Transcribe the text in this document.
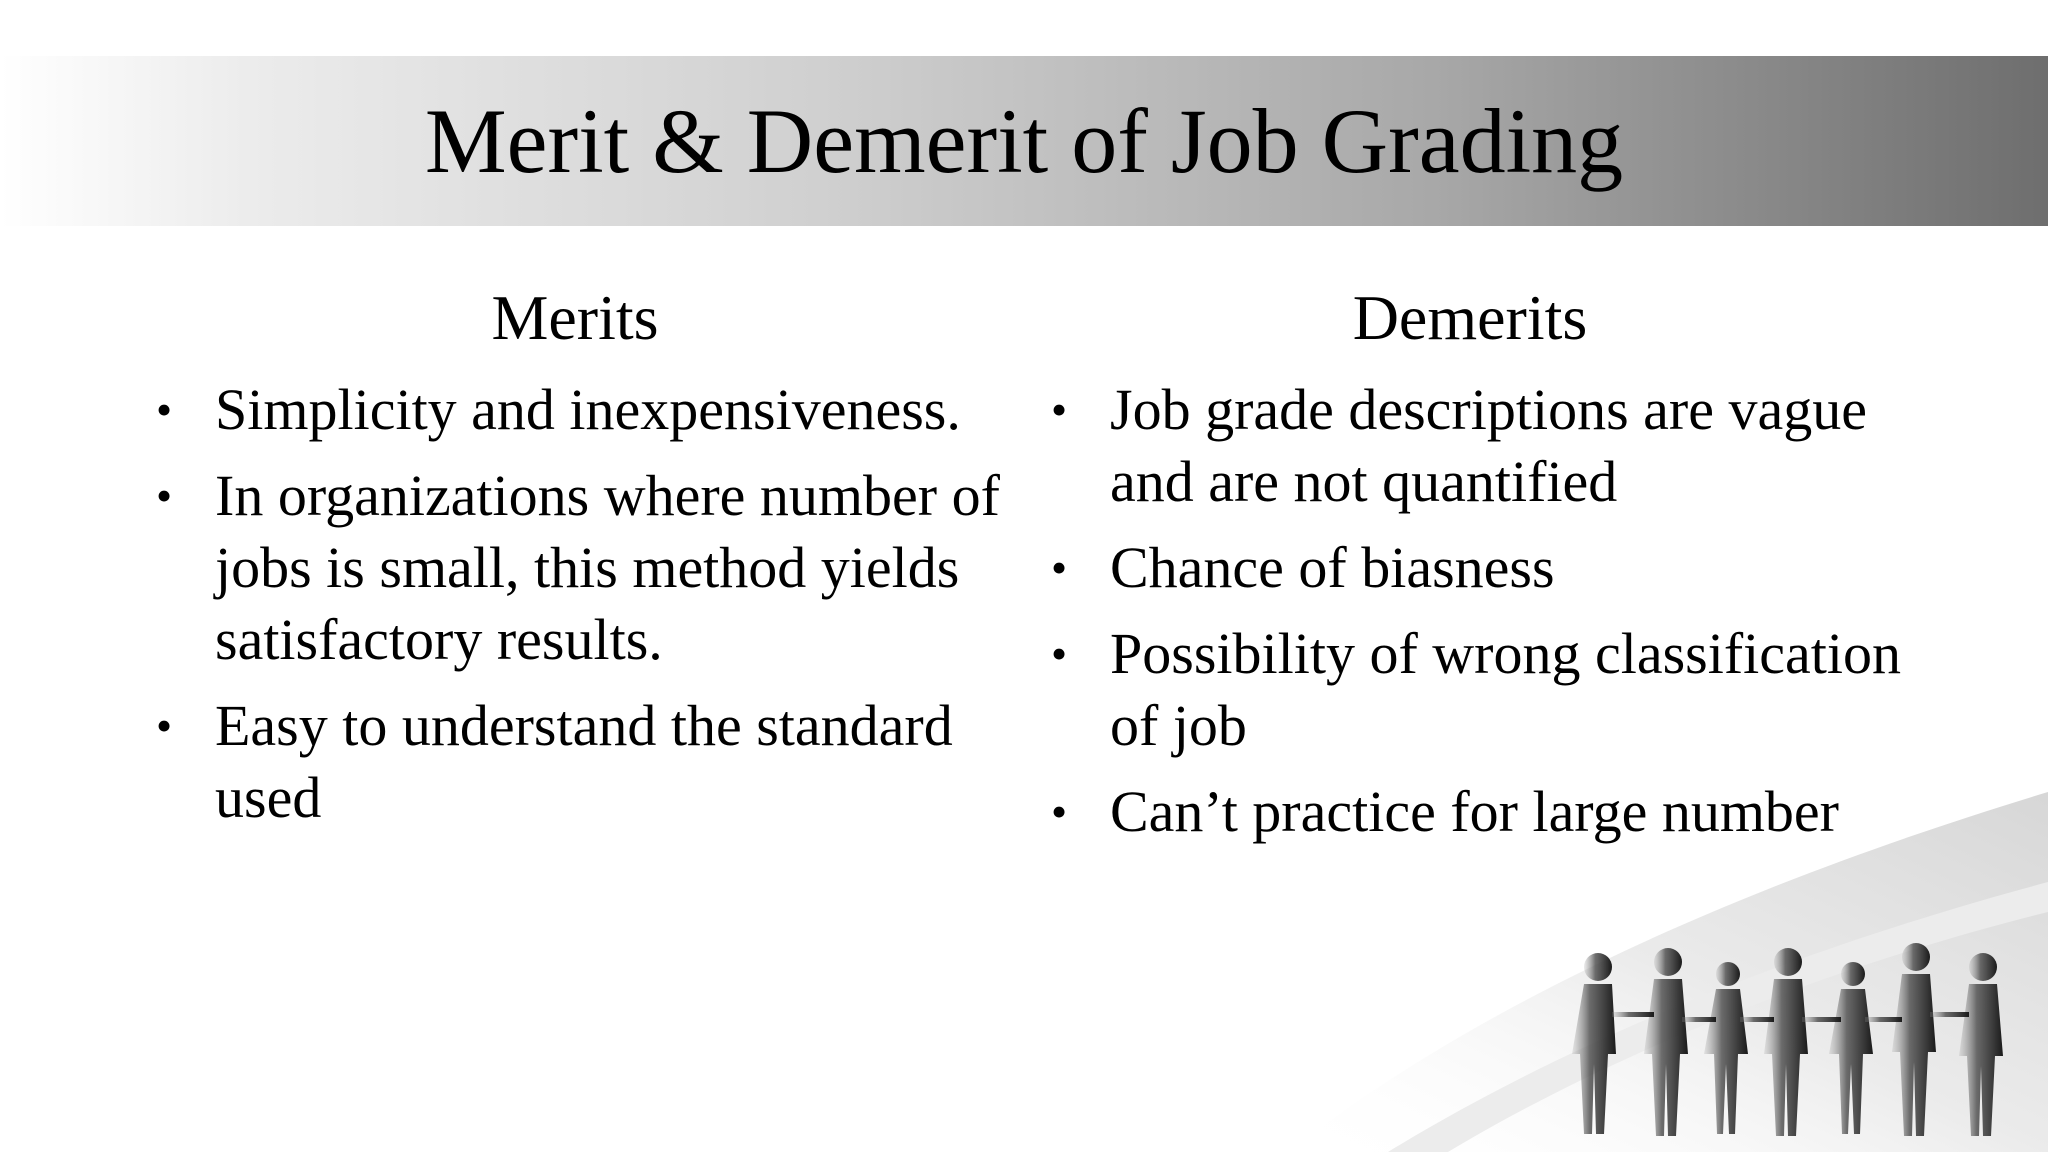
Merit & Demerit of Job Grading
Merits	Demerits
• Simplicity and inexpensiveness.
• In organizations where number of jobs is small, this method yields satisfactory results.
• Easy to understand the standard used
• Job grade descriptions are vague and are not quantified
• Chance of biasness
• Possibility of wrong classification of job
• Can’t practice for large number
